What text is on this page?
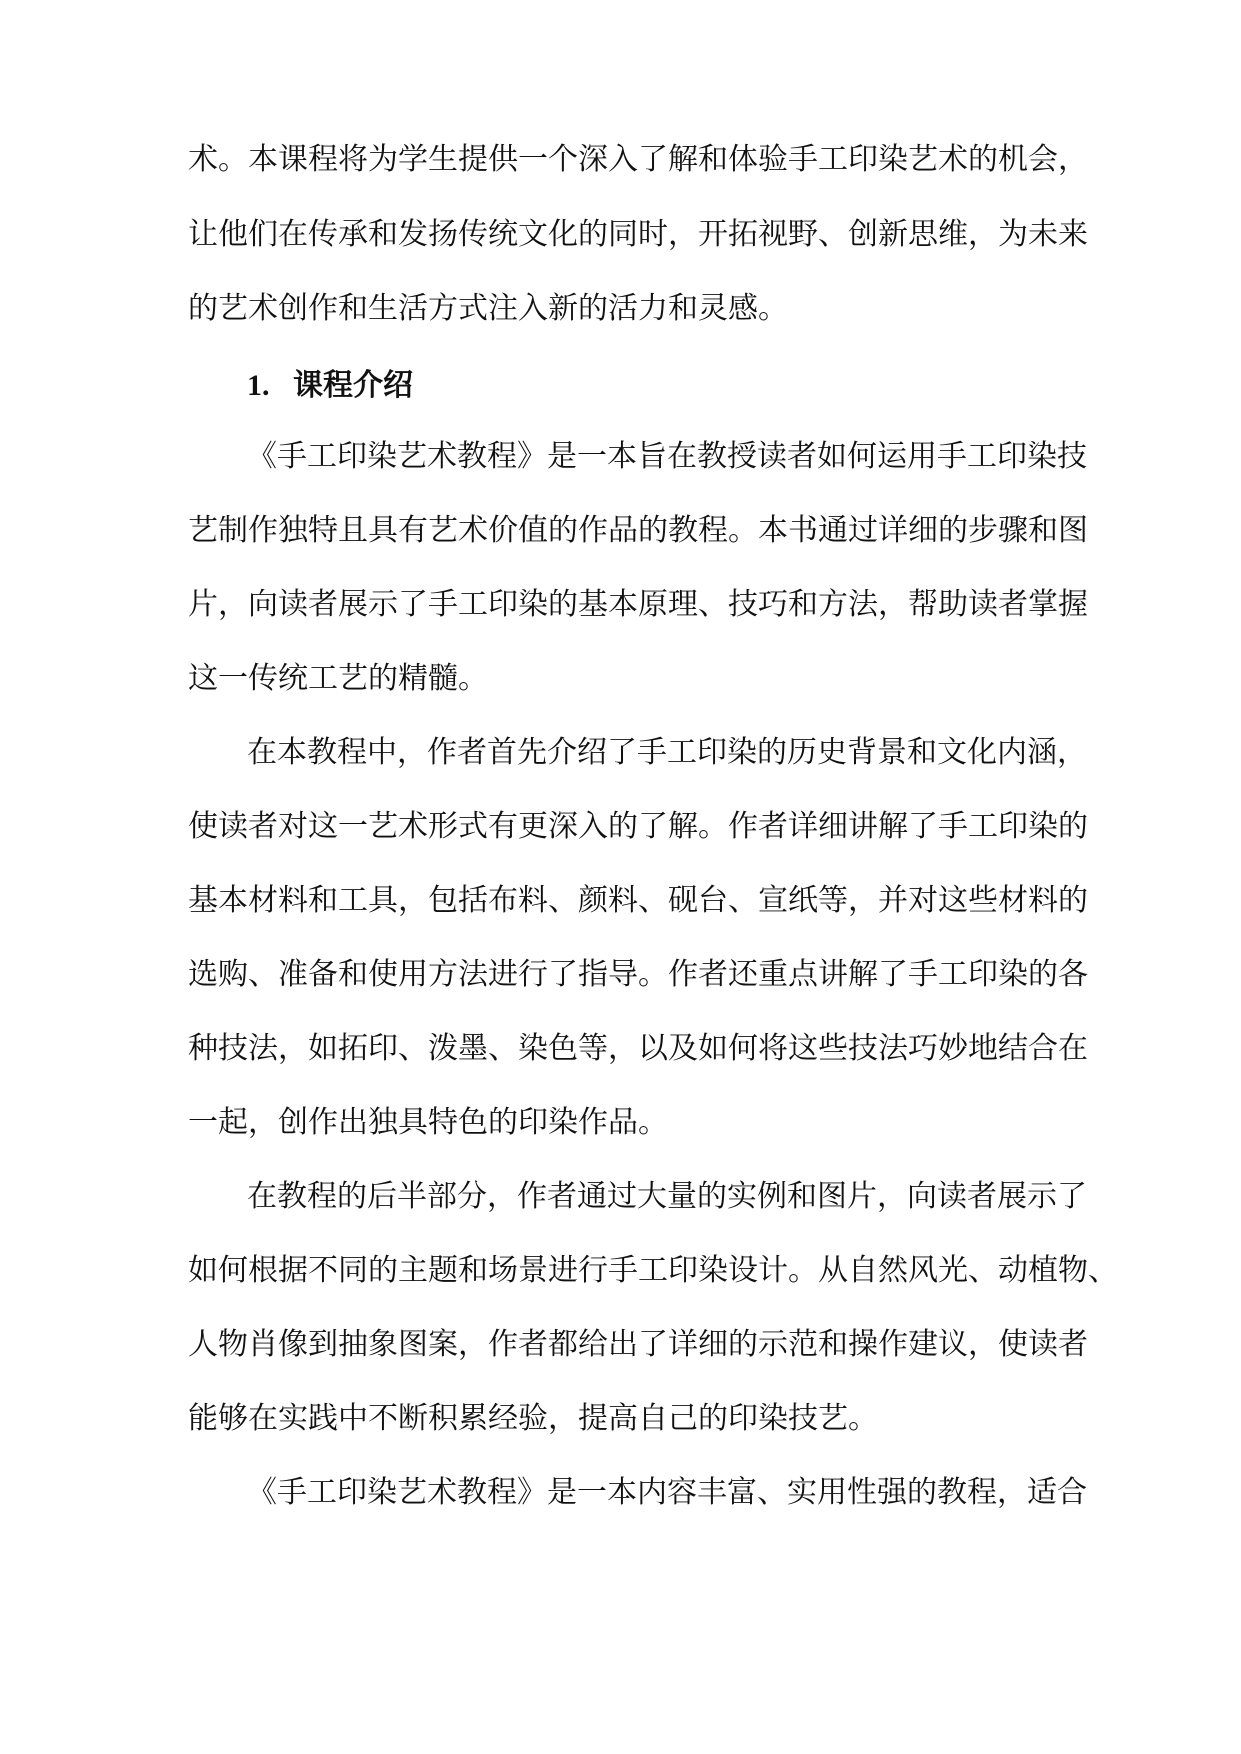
术。本课程将为学生提供一个深入了解和体验手工印染艺术的机会，
让他们在传承和发扬传统文化的同时，开拓视野、创新思维，为未来
的艺术创作和生活方式注入新的活力和灵感。
1. 课程介绍
《手工印染艺术教程》是一本旨在教授读者如何运用手工印染技
艺制作独特且具有艺术价值的作品的教程。本书通过详细的步骤和图
片，向读者展示了手工印染的基本原理、技巧和方法，帮助读者掌握
这一传统工艺的精髓。
在本教程中，作者首先介绍了手工印染的历史背景和文化内涵，
使读者对这一艺术形式有更深入的了解。作者详细讲解了手工印染的
基本材料和工具，包括布料、颜料、砚台、宣纸等，并对这些材料的
选购、准备和使用方法进行了指导。作者还重点讲解了手工印染的各
种技法，如拓印、泼墨、染色等，以及如何将这些技法巧妙地结合在
一起，创作出独具特色的印染作品。
在教程的后半部分，作者通过大量的实例和图片，向读者展示了
如何根据不同的主题和场景进行手工印染设计。从自然风光、动植物、
人物肖像到抽象图案，作者都给出了详细的示范和操作建议，使读者
能够在实践中不断积累经验，提高自己的印染技艺。
《手工印染艺术教程》是一本内容丰富、实用性强的教程，适合
